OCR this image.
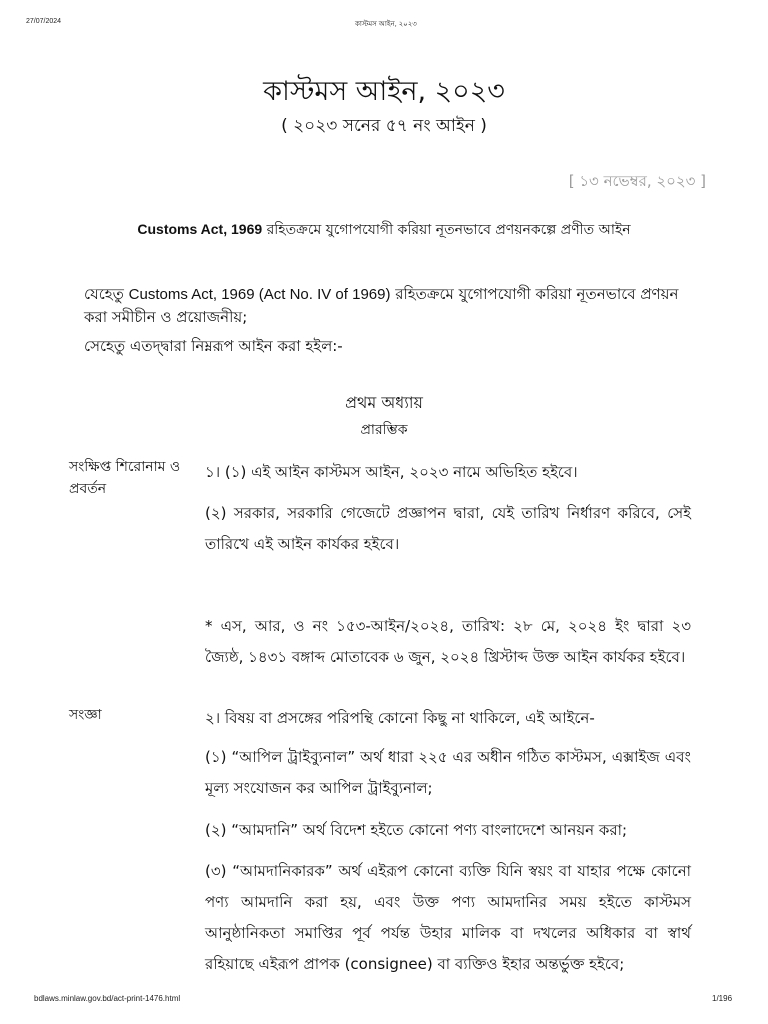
27/07/2024	কাস্টমস আইন, ২০২৩
কাস্টমস আইন, ২০২৩
( ২০২৩ সনের ৫৭ নং আইন )
[ ১৩ নভেম্বর, ২০২৩ ]
Customs Act, 1969 রহিতক্রমে যুগোপযোগী করিয়া নূতনভাবে প্রণয়নকল্পে প্রণীত আইন
যেহেতু Customs Act, 1969 (Act No. IV of 1969) রহিতক্রমে যুগোপযোগী করিয়া নূতনভাবে প্রণয়ন করা সমীচীন ও প্রয়োজনীয়;
সেহেতু এতদ্দ্বারা নিম্নরূপ আইন করা হইল:-
প্রথম অধ্যায়
প্রারম্ভিক
সংক্ষিপ্ত শিরোনাম ও প্রবর্তন
১। (১) এই আইন কাস্টমস আইন, ২০২৩ নামে অভিহিত হইবে।
(২) সরকার, সরকারি গেজেটে প্রজ্ঞাপন দ্বারা, যেই তারিখ নির্ধারণ করিবে, সেই তারিখে এই আইন কার্যকর হইবে।
* এস, আর, ও নং ১৫৩-আইন/২০২৪, তারিখ: ২৮ মে, ২০২৪ ইং দ্বারা ২৩ জ্যৈষ্ঠ, ১৪৩১ বঙ্গাব্দ মোতাবেক ৬ জুন, ২০২৪ খ্রিস্টাব্দ উক্ত আইন কার্যকর হইবে।
সংজ্ঞা	২। বিষয় বা প্রসঙ্গের পরিপন্থি কোনো কিছু না থাকিলে, এই আইনে-
(১) “আপিল ট্রাইব্যুনাল” অর্থ ধারা ২২৫ এর অধীন গঠিত কাস্টমস, এক্সাইজ এবং মূল্য সংযোজন কর আপিল ট্রাইব্যুনাল;
(২) “আমদানি” অর্থ বিদেশ হইতে কোনো পণ্য বাংলাদেশে আনয়ন করা;
(৩) “আমদানিকারক” অর্থ এইরূপ কোনো ব্যক্তি যিনি স্বয়ং বা যাহার পক্ষে কোনো পণ্য আমদানি করা হয়, এবং উক্ত পণ্য আমদানির সময় হইতে কাস্টমস আনুষ্ঠানিকতা সমাপ্তির পূর্ব পর্যন্ত উহার মালিক বা দখলের অধিকার বা স্বার্থ রহিয়াছে এইরূপ প্রাপক (consignee) বা ব্যক্তিও ইহার অন্তর্ভুক্ত হইবে;
bdlaws.minlaw.gov.bd/act-print-1476.html	1/196
